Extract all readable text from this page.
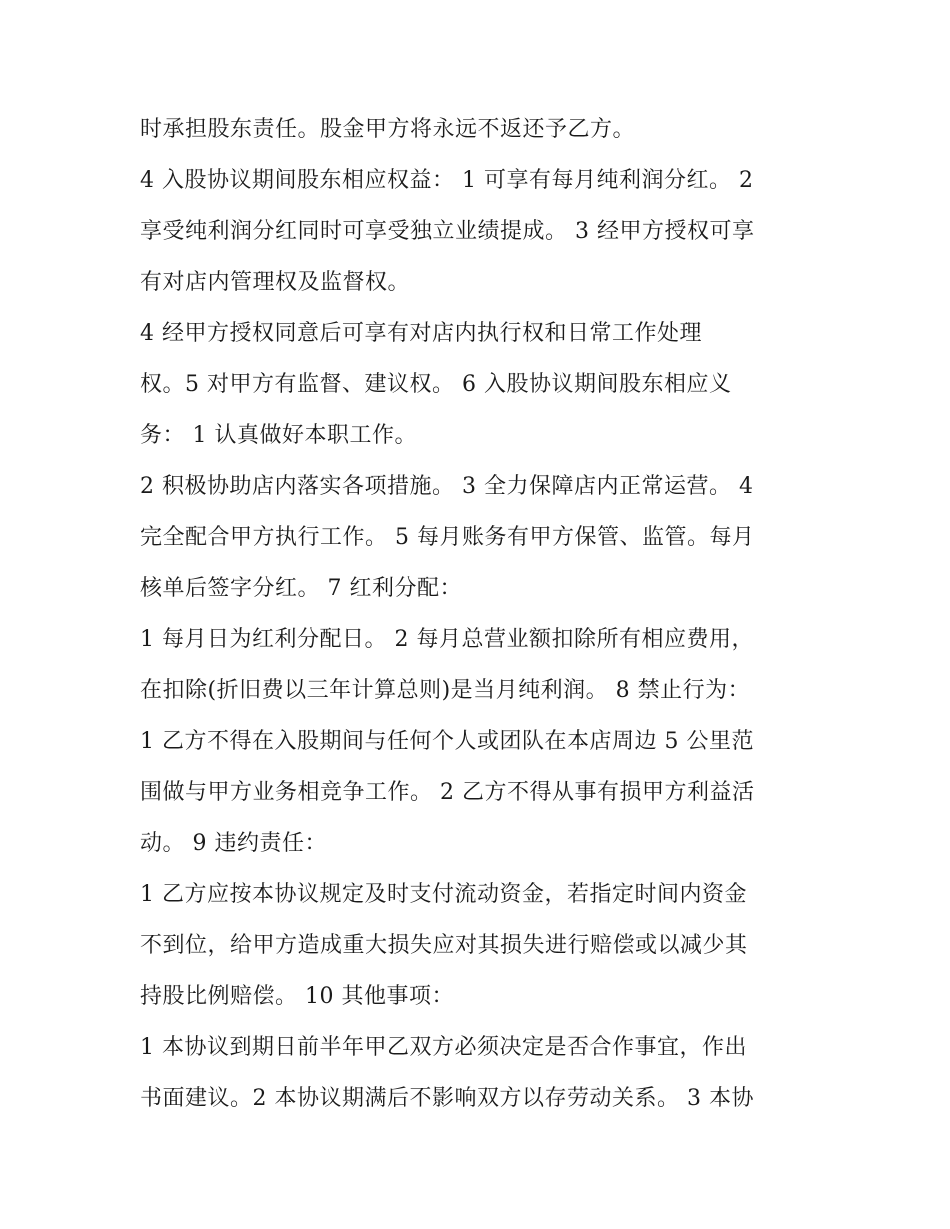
时承担股东责任。股金甲方将永远不返还予乙方。
4 入股协议期间股东相应权益： 1 可享有每月纯利润分红。 2
享受纯利润分红同时可享受独立业绩提成。 3 经甲方授权可享
有对店内管理权及监督权。
4 经甲方授权同意后可享有对店内执行权和日常工作处理
权。5 对甲方有监督、建议权。 6 入股协议期间股东相应义
务： 1 认真做好本职工作。
2 积极协助店内落实各项措施。 3 全力保障店内正常运营。 4
完全配合甲方执行工作。 5 每月账务有甲方保管、监管。每月
核单后签字分红。 7 红利分配：
1 每月日为红利分配日。 2 每月总营业额扣除所有相应费用，
在扣除(折旧费以三年计算总则)是当月纯利润。 8 禁止行为：
1 乙方不得在入股期间与任何个人或团队在本店周边 5 公里范
围做与甲方业务相竞争工作。 2 乙方不得从事有损甲方利益活
动。 9 违约责任：
1 乙方应按本协议规定及时支付流动资金，若指定时间内资金
不到位，给甲方造成重大损失应对其损失进行赔偿或以减少其
持股比例赔偿。 10 其他事项：
1 本协议到期日前半年甲乙双方必须决定是否合作事宜，作出
书面建议。2 本协议期满后不影响双方以存劳动关系。 3 本协
